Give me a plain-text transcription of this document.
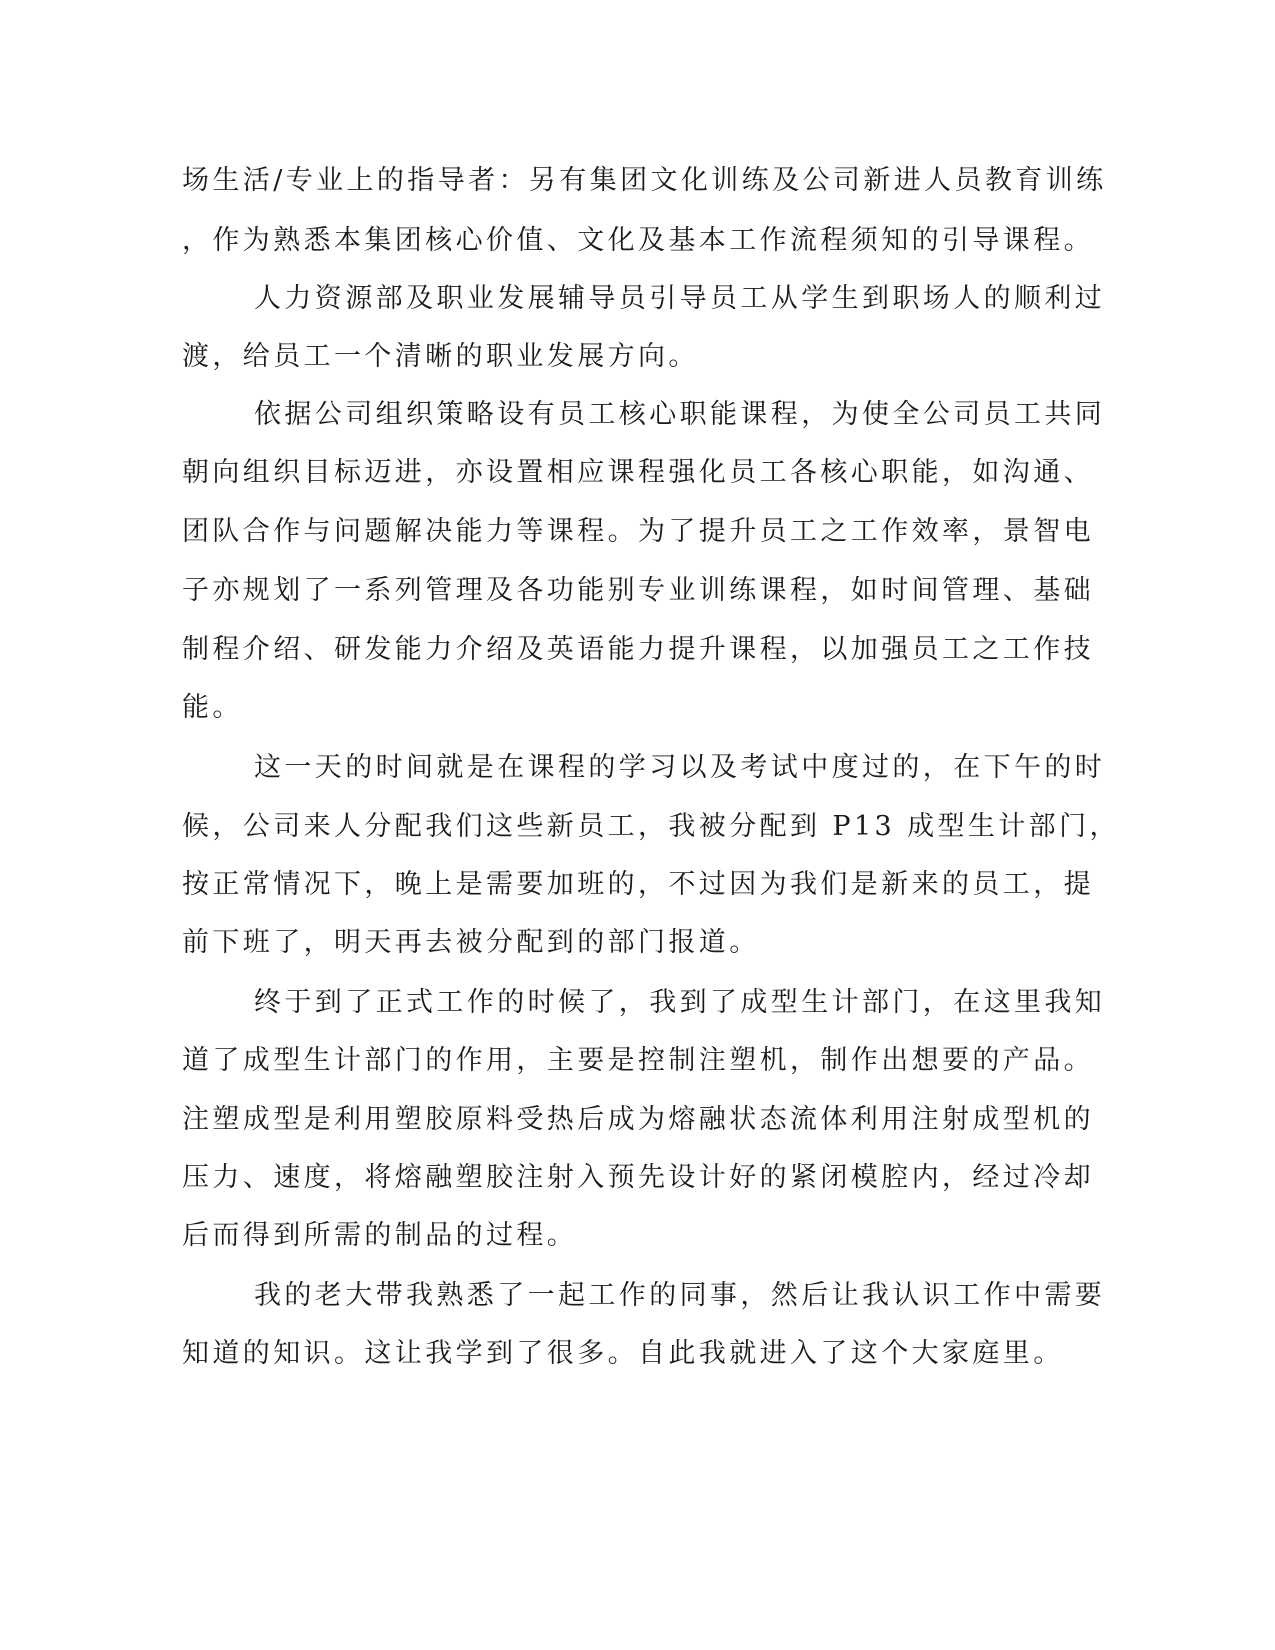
场生活/专业上的指导者：另有集团文化训练及公司新进人员教育训练
，作为熟悉本集团核心价值、文化及基本工作流程须知的引导课程。
人力资源部及职业发展辅导员引导员工从学生到职场人的顺利过
渡，给员工一个清晰的职业发展方向。
依据公司组织策略设有员工核心职能课程，为使全公司员工共同
朝向组织目标迈进，亦设置相应课程强化员工各核心职能，如沟通、
团队合作与问题解决能力等课程。为了提升员工之工作效率，景智电
子亦规划了一系列管理及各功能别专业训练课程，如时间管理、基础
制程介绍、研发能力介绍及英语能力提升课程，以加强员工之工作技
能。
这一天的时间就是在课程的学习以及考试中度过的，在下午的时
候，公司来人分配我们这些新员工，我被分配到 P13 成型生计部门，
按正常情况下，晚上是需要加班的，不过因为我们是新来的员工，提
前下班了，明天再去被分配到的部门报道。
终于到了正式工作的时候了，我到了成型生计部门，在这里我知
道了成型生计部门的作用，主要是控制注塑机，制作出想要的产品。
注塑成型是利用塑胶原料受热后成为熔融状态流体利用注射成型机的
压力、速度，将熔融塑胶注射入预先设计好的紧闭模腔内，经过冷却
后而得到所需的制品的过程。
我的老大带我熟悉了一起工作的同事，然后让我认识工作中需要
知道的知识。这让我学到了很多。自此我就进入了这个大家庭里。
